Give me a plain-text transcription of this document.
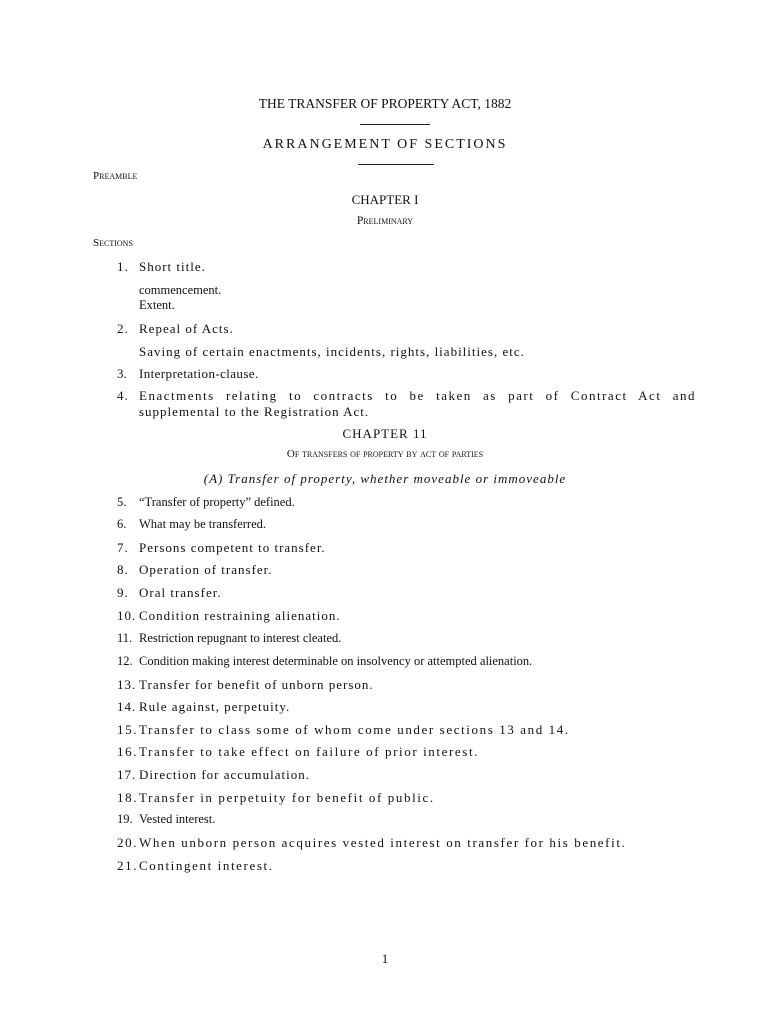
THE TRANSFER OF PROPERTY ACT, 1882
ARRANGEMENT OF SECTIONS
Preamble
CHAPTER I
Preliminary
Sections
1. Short title.
commencement.
Extent.
2. Repeal of Acts.
Saving of certain enactments, incidents, rights, liabilities, etc.
3. Interpretation-clause.
4. Enactments relating to contracts to be taken as part of Contract Act and
supplemental to the Registration Act.
CHAPTER 11
Of transfers of property by act of parties
(A) Transfer of property, whether moveable or immoveable
5. “Transfer of property” defined.
6. What may be transferred.
7. Persons competent to transfer.
8. Operation of transfer.
9. Oral transfer.
10. Condition restraining alienation.
11. Restriction repugnant to interest cleated.
12. Condition making interest determinable on insolvency or attempted alienation.
13. Transfer for benefit of unborn person.
14. Rule against, perpetuity.
15. Transfer to class some of whom come under sections 13 and 14.
16. Transfer to take effect on failure of prior interest.
17. Direction for accumulation.
18. Transfer in perpetuity for benefit of public.
19. Vested interest.
20. When unborn person acquires vested interest on transfer for his benefit.
21. Contingent interest.
1
